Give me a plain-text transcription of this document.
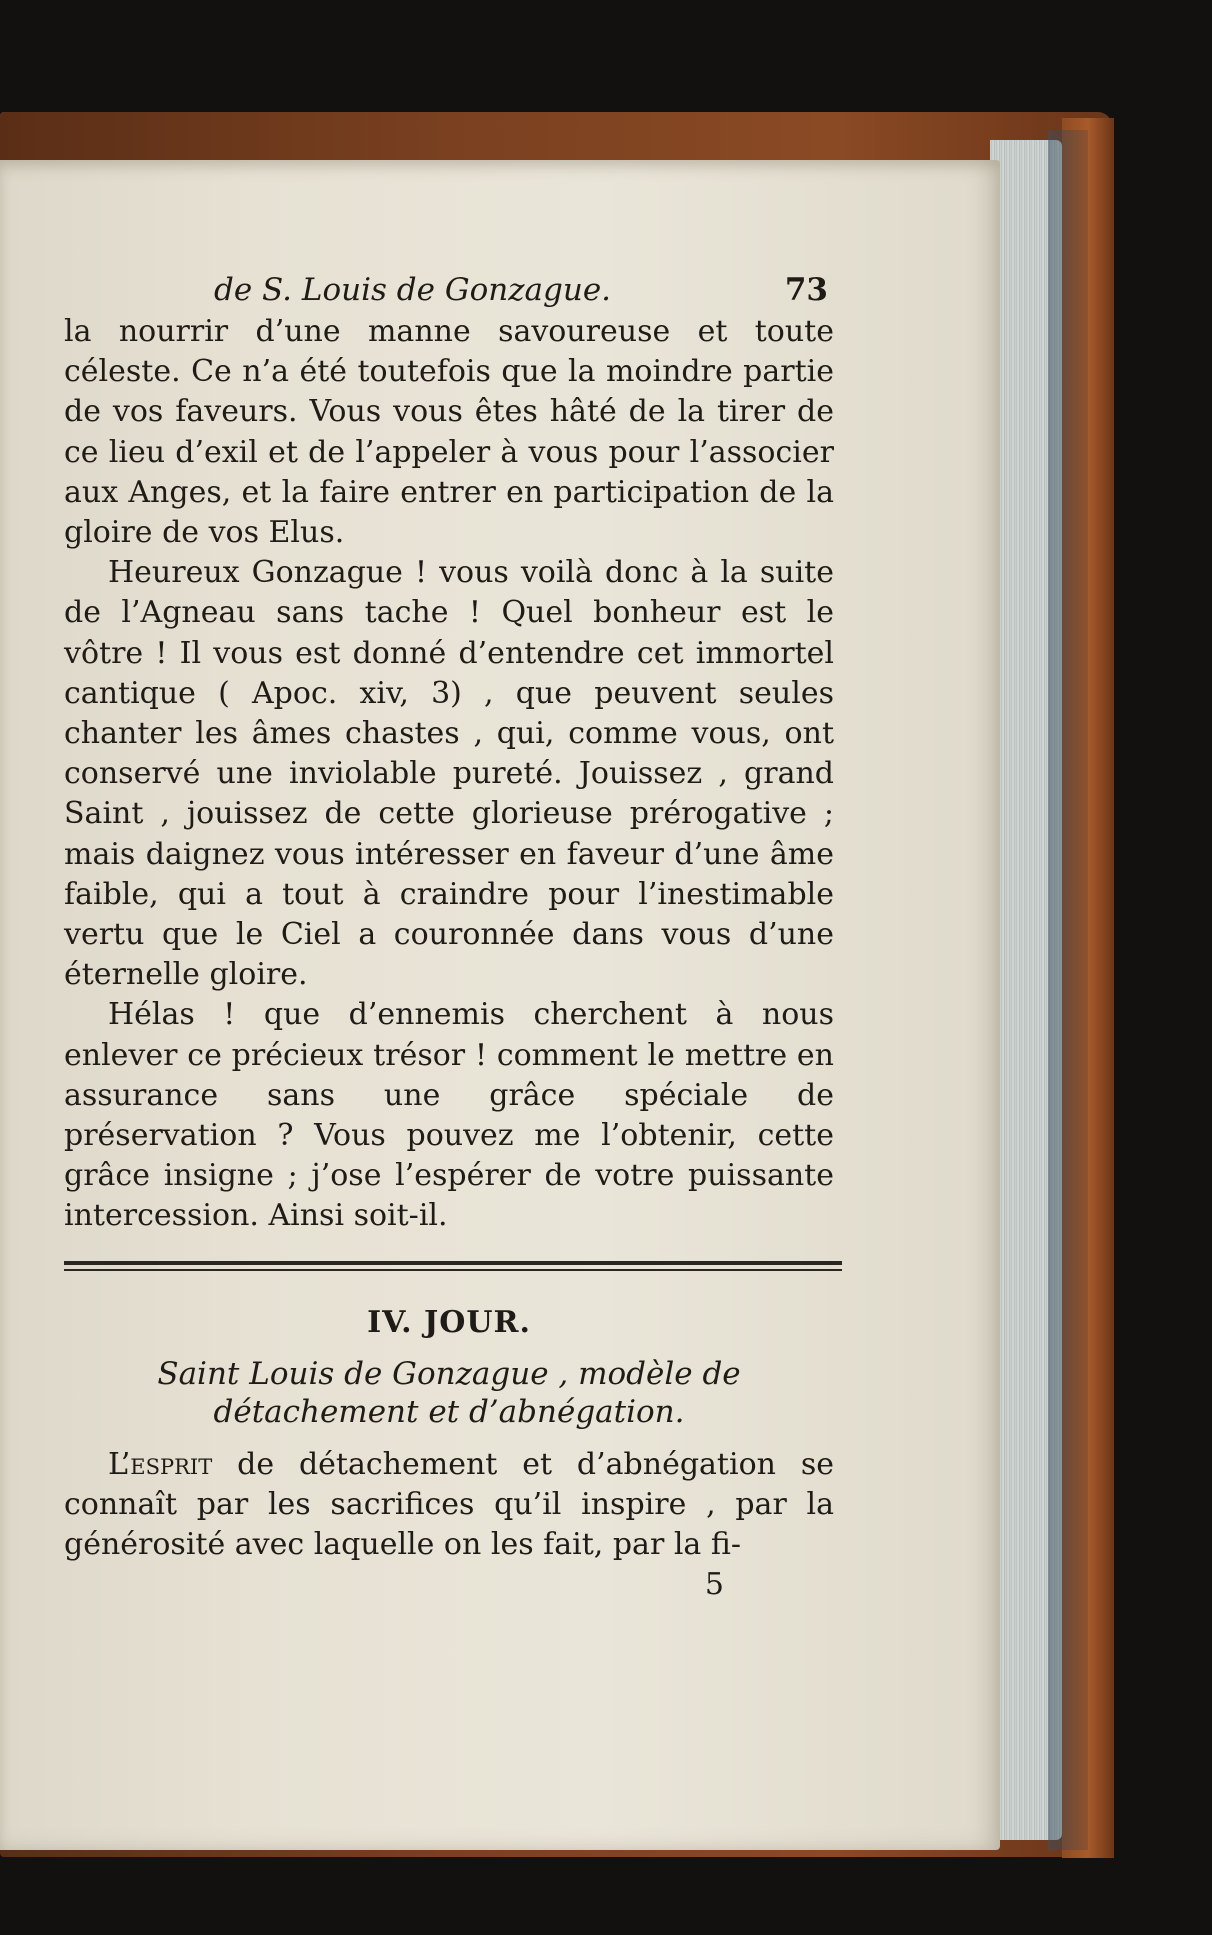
de S. Louis de Gonzague.	73

la nourrir d’une manne savoureuse et toute céleste. Ce n’a été toutefois que la moindre partie de vos faveurs. Vous vous êtes hâté de la tirer de ce lieu d’exil et de l’appeler à vous pour l’associer aux Anges, et la faire entrer en participation de la gloire de vos Elus.

Heureux Gonzague ! vous voilà donc à la suite de l’Agneau sans tache ! Quel bonheur est le vôtre ! Il vous est donné d’entendre cet immortel cantique ( Apoc. xiv, 3) , que peuvent seules chanter les âmes chastes , qui, comme vous, ont conservé une inviolable pureté. Jouissez , grand Saint , jouissez de cette glorieuse prérogative ; mais daignez vous intéresser en faveur d’une âme faible, qui a tout à craindre pour l’inestimable vertu que le Ciel a couronnée dans vous d’une éternelle gloire.

Hélas ! que d’ennemis cherchent à nous enlever ce précieux trésor ! comment le mettre en assurance sans une grâce spéciale de préservation ? Vous pouvez me l’obtenir, cette grâce insigne ; j’ose l’espérer de votre puissante intercession. Ainsi soit-il.

IV. JOUR.

Saint Louis de Gonzague , modèle de détachement et d’abnégation.

L’esprit de détachement et d’abnégation se connaît par les sacrifices qu’il inspire , par la générosité avec laquelle on les fait, par la fi-

5
